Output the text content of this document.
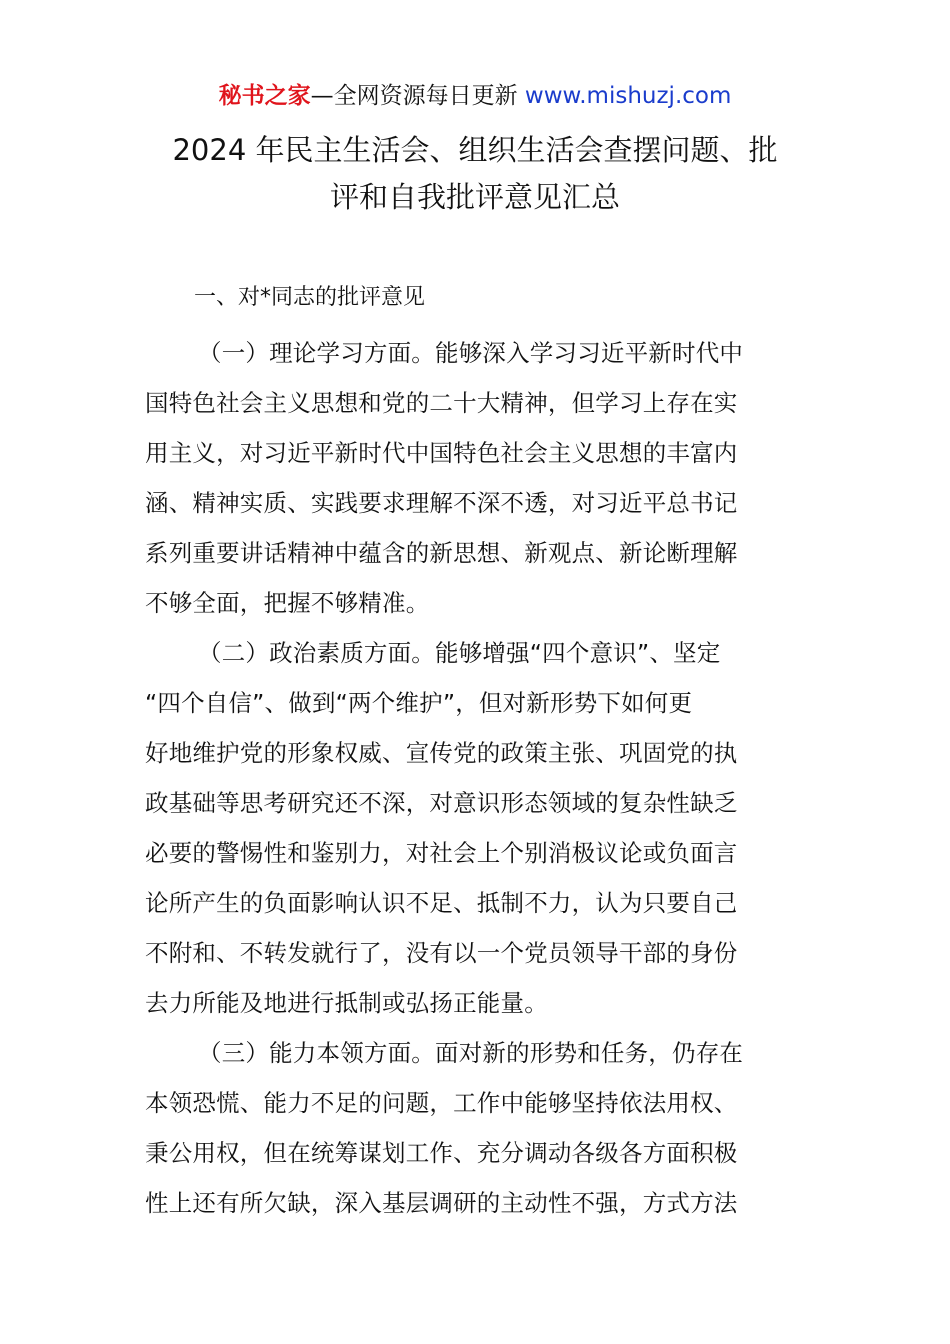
秘书之家—全网资源每日更新 www.mishuzj.com
2024 年民主生活会、组织生活会查摆问题、批
评和自我批评意见汇总
一、对*同志的批评意见
（一）理论学习方面。能够深入学习习近平新时代中
国特色社会主义思想和党的二十大精神，但学习上存在实
用主义，对习近平新时代中国特色社会主义思想的丰富内
涵、精神实质、实践要求理解不深不透，对习近平总书记
系列重要讲话精神中蕴含的新思想、新观点、新论断理解
不够全面，把握不够精准。
（二）政治素质方面。能够增强“四个意识”、坚定
“四个自信”、做到“两个维护”，但对新形势下如何更
好地维护党的形象权威、宣传党的政策主张、巩固党的执
政基础等思考研究还不深，对意识形态领域的复杂性缺乏
必要的警惕性和鉴别力，对社会上个别消极议论或负面言
论所产生的负面影响认识不足、抵制不力，认为只要自己
不附和、不转发就行了，没有以一个党员领导干部的身份
去力所能及地进行抵制或弘扬正能量。
（三）能力本领方面。面对新的形势和任务，仍存在
本领恐慌、能力不足的问题，工作中能够坚持依法用权、
秉公用权，但在统筹谋划工作、充分调动各级各方面积极
性上还有所欠缺，深入基层调研的主动性不强，方式方法
